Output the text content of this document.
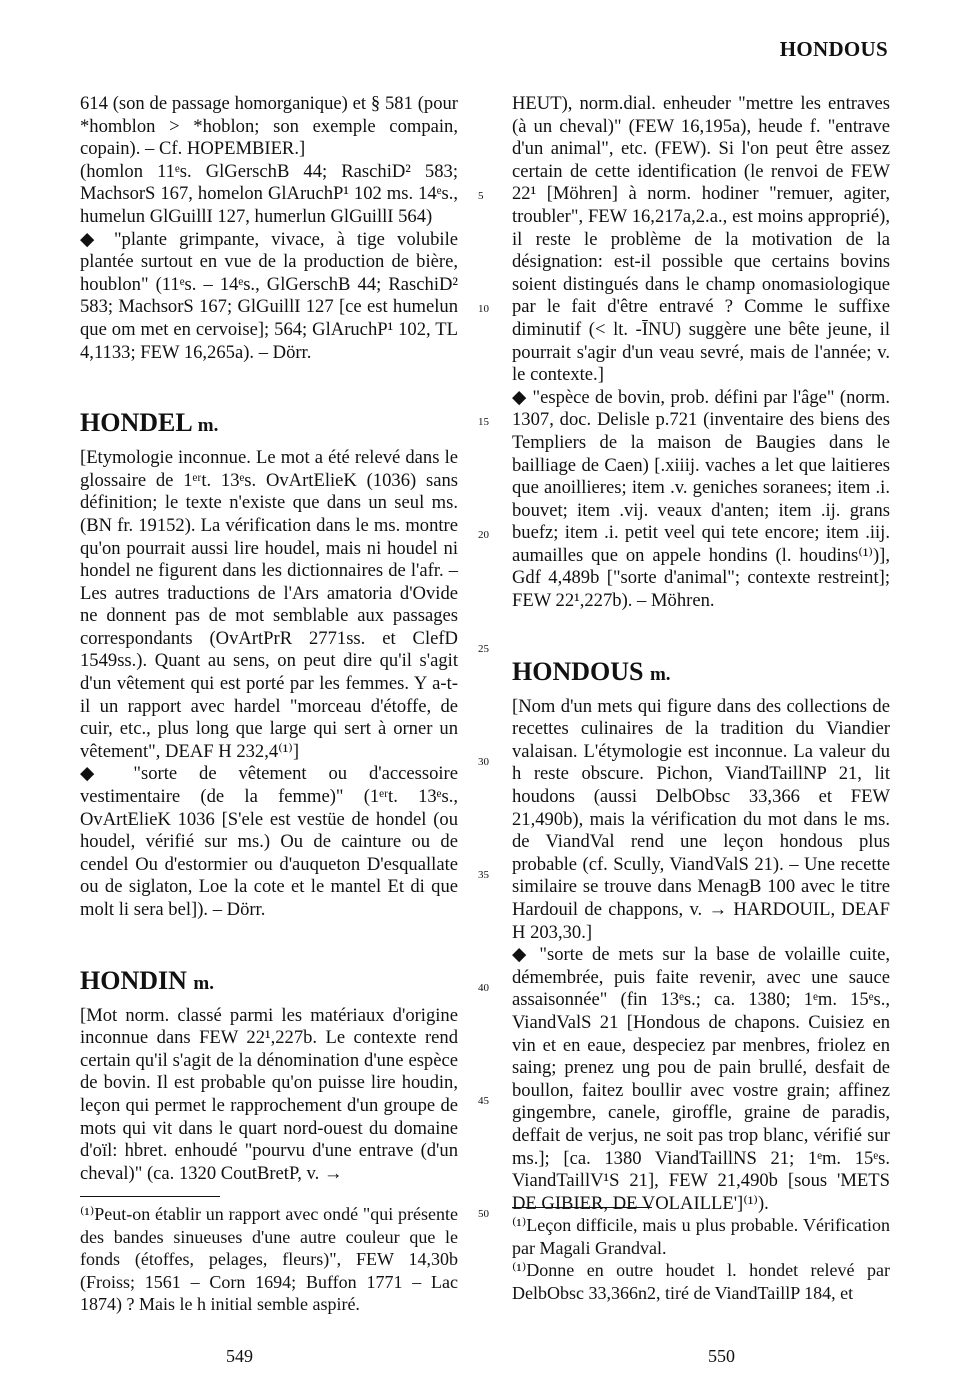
HONDOUS

614 (son de passage homorganique) et § 581 (pour *homblon > *hoblon; son exemple compain, copain). – Cf. HOPEMBIER.]

(homlon 11ᵉs. GlGerschB 44; RaschiD² 583; MachsorS 167, homelon GlAruchP¹ 102 ms. 14ᵉs., humelun GlGuillI 127, humerlun GlGuillI 564)

◆ "plante grimpante, vivace, à tige volubile plantée surtout en vue de la production de bière, houblon" (11ᵉs. – 14ᵉs., GlGerschB 44; RaschiD² 583; MachsorS 167; GlGuillI 127 [ce est humelun que om met en cervoise]; 564; GlAruchP¹ 102, TL 4,1133; FEW 16,265a). – Dörr.

HONDEL m.

[Etymologie inconnue. Le mot a été relevé dans le glossaire de 1ᵉʳt. 13ᵉs. OvArtElieK (1036) sans définition; le texte n'existe que dans un seul ms. (BN fr. 19152). La vérification dans le ms. montre qu'on pourrait aussi lire houdel, mais ni houdel ni hondel ne figurent dans les dictionnaires de l'afr. – Les autres traductions de l'Ars amatoria d'Ovide ne donnent pas de mot semblable aux passages correspondants (OvArtPrR 2771ss. et ClefD 1549ss.). Quant au sens, on peut dire qu'il s'agit d'un vêtement qui est porté par les femmes. Y a-t-il un rapport avec hardel "morceau d'étoffe, de cuir, etc., plus long que large qui sert à orner un vêtement", DEAF H 232,4⁽¹⁾]

◆ "sorte de vêtement ou d'accessoire vestimentaire (de la femme)" (1ᵉʳt. 13ᵉs., OvArtElieK 1036 [S'ele est vestüe de hondel (ou houdel, vérifié sur ms.) Ou de cainture ou de cendel Ou d'estormier ou d'auqueton D'esquallate ou de siglaton, Loe la cote et le mantel Et di que molt li sera bel]). – Dörr.

HONDIN m.

[Mot norm. classé parmi les matériaux d'origine inconnue dans FEW 22¹,227b. Le contexte rend certain qu'il s'agit de la dénomination d'une espèce de bovin. Il est probable qu'on puisse lire houdin, leçon qui permet le rapprochement d'un groupe de mots qui vit dans le quart nord-ouest du domaine d'oïl: hbret. enhoudé "pourvu d'une entrave (d'un cheval)" (ca. 1320 CoutBretP, v. →

HEUT), norm.dial. enheuder "mettre les entraves (à un cheval)" (FEW 16,195a), heude f. "entrave d'un animal", etc. (FEW). Si l'on peut être assez certain de cette identification (le renvoi de FEW 22¹ [Möhren] à norm. hodiner "remuer, agiter, troubler", FEW 16,217a,2.a., est moins approprié), il reste le problème de la motivation de la désignation: est-il possible que certains bovins soient distingués dans le champ onomasiologique par le fait d'être entravé ? Comme le suffixe diminutif (< lt. -ĪNU) suggère une bête jeune, il pourrait s'agir d'un veau sevré, mais de l'année; v. le contexte.]

◆ "espèce de bovin, prob. défini par l'âge" (norm. 1307, doc. Delisle p.721 (inventaire des biens des Templiers de la maison de Baugies dans le bailliage de Caen) [.xiiij. vaches a let que laitieres que anoillieres; item .v. geniches soranees; item .i. bouvet; item .vij. veaux d'anten; item .ij. grans buefz; item .i. petit veel qui tete encore; item .iij. aumailles que on appele hondins (l. houdins⁽¹⁾)], Gdf 4,489b ["sorte d'animal"; contexte restreint]; FEW 22¹,227b). – Möhren.

HONDOUS m.

[Nom d'un mets qui figure dans des collections de recettes culinaires de la tradition du Viandier valaisan. L'étymologie est inconnue. La valeur du h reste obscure. Pichon, ViandTaillNP 21, lit houdons (aussi DelbObsc 33,366 et FEW 21,490b), mais la vérification du mot dans le ms. de ViandVal rend une leçon hondous plus probable (cf. Scully, ViandValS 21). – Une recette similaire se trouve dans MenagB 100 avec le titre Hardouil de chappons, v. → HARDOUIL, DEAF H 203,30.]

◆ "sorte de mets sur la base de volaille cuite, démembrée, puis faite revenir, avec une sauce assaisonnée" (fin 13ᵉs.; ca. 1380; 1ᵉm. 15ᵉs., ViandValS 21 [Hondous de chapons. Cuisiez en vin et en eaue, despeciez par menbres, friolez en saing; prenez ung pou de pain brullé, desfait de boullon, faitez boullir avec vostre grain; affinez gingembre, canele, giroffle, graine de paradis, deffait de verjus, ne soit pas trop blanc, vérifié sur ms.]; [ca. 1380 ViandTaillNS 21; 1ᵉm. 15ᵉs. ViandTaillV¹S 21], FEW 21,490b [sous 'METS DE GIBIER, DE VOLAILLE']⁽¹⁾).

⁽¹⁾Peut-on établir un rapport avec ondé "qui présente des bandes sinueuses d'une autre couleur que le fonds (étoffes, pelages, fleurs)", FEW 14,30b (Froiss; 1561 – Corn 1694; Buffon 1771 – Lac 1874) ? Mais le h initial semble aspiré.

⁽¹⁾Leçon difficile, mais u plus probable. Vérification par Magali Grandval.

⁽¹⁾Donne en outre houdet l. hondet relevé par DelbObsc 33,366n2, tiré de ViandTaillP 184, et

5
10
15
20
25
30
35
40
45
50
549	550
